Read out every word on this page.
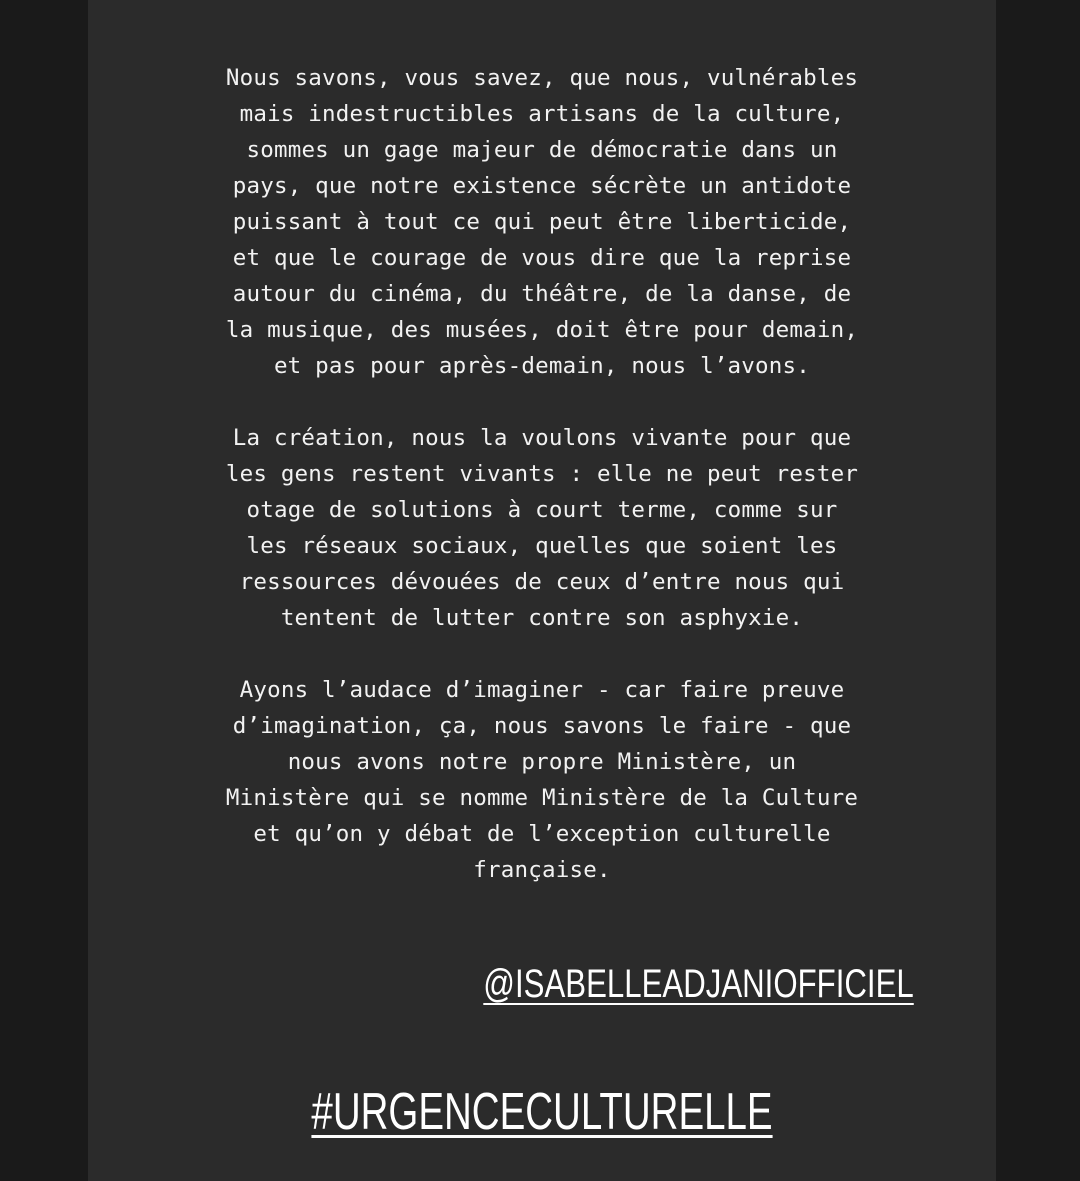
Nous savons, vous savez, que nous, vulnérables
mais indestructibles artisans de la culture,
sommes un gage majeur de démocratie dans un
pays, que notre existence sécrète un antidote
puissant à tout ce qui peut être liberticide,
et que le courage de vous dire que la reprise
autour du cinéma, du théâtre, de la danse, de
la musique, des musées, doit être pour demain,
et pas pour après-demain, nous l’avons.

La création, nous la voulons vivante pour que
les gens restent vivants : elle ne peut rester
otage de solutions à court terme, comme sur
les réseaux sociaux, quelles que soient les
ressources dévouées de ceux d’entre nous qui
tentent de lutter contre son asphyxie.

Ayons l’audace d’imaginer - car faire preuve
d’imagination, ça, nous savons le faire - que
nous avons notre propre Ministère, un
Ministère qui se nomme Ministère de la Culture
et qu’on y débat de l’exception culturelle
française.

@ISABELLEADJANIOFFICIEL
#URGENCECULTURELLE
